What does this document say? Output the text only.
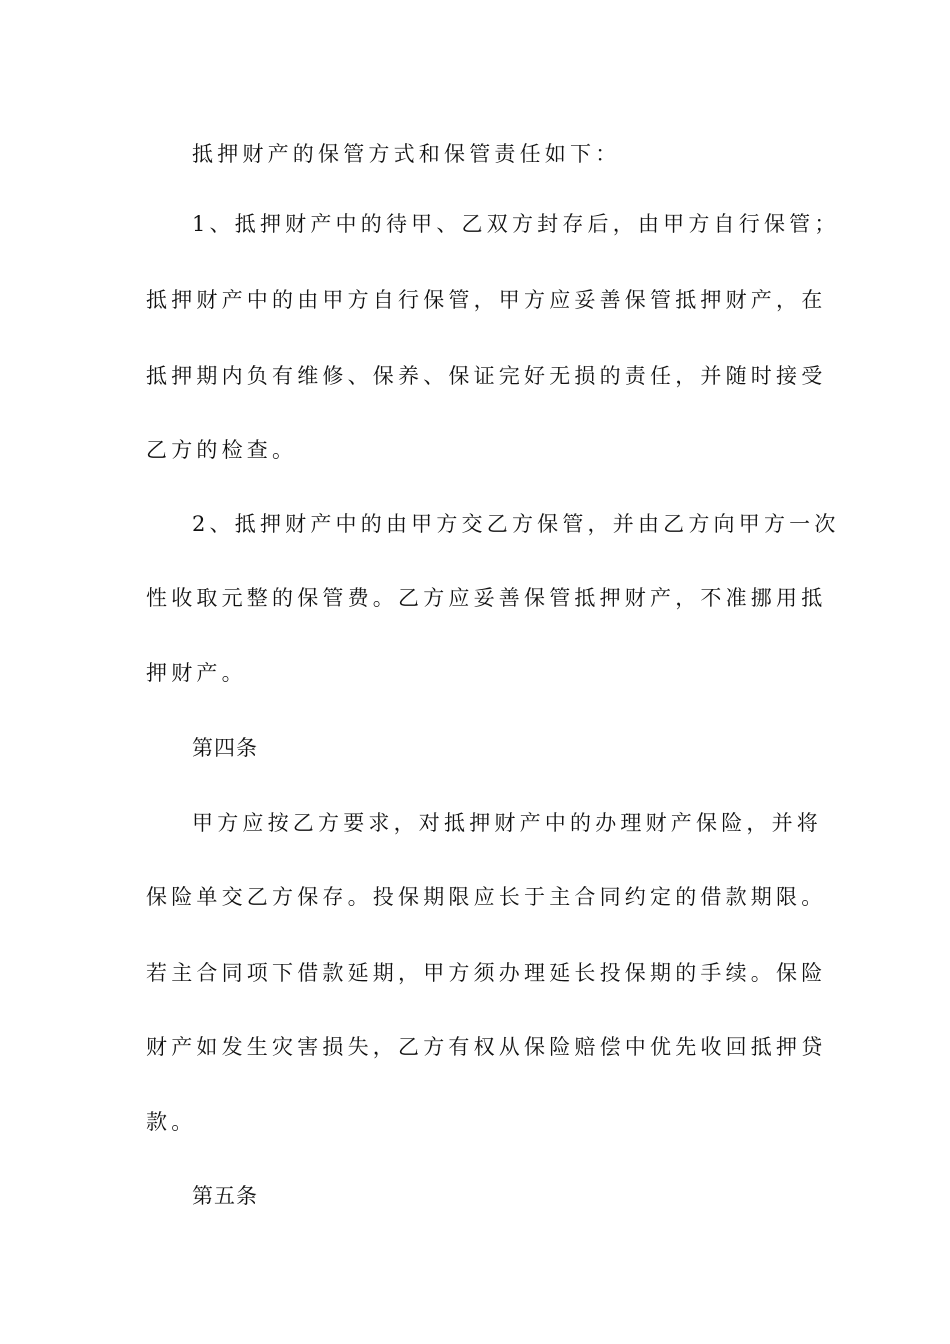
抵押财产的保管方式和保管责任如下：
1、抵押财产中的待甲、乙双方封存后，由甲方自行保管；
抵押财产中的由甲方自行保管，甲方应妥善保管抵押财产，在
抵押期内负有维修、保养、保证完好无损的责任，并随时接受
乙方的检查。
2、抵押财产中的由甲方交乙方保管，并由乙方向甲方一次
性收取元整的保管费。乙方应妥善保管抵押财产，不准挪用抵
押财产。
第四条
甲方应按乙方要求，对抵押财产中的办理财产保险，并将
保险单交乙方保存。投保期限应长于主合同约定的借款期限。
若主合同项下借款延期，甲方须办理延长投保期的手续。保险
财产如发生灾害损失，乙方有权从保险赔偿中优先收回抵押贷
款。
第五条
